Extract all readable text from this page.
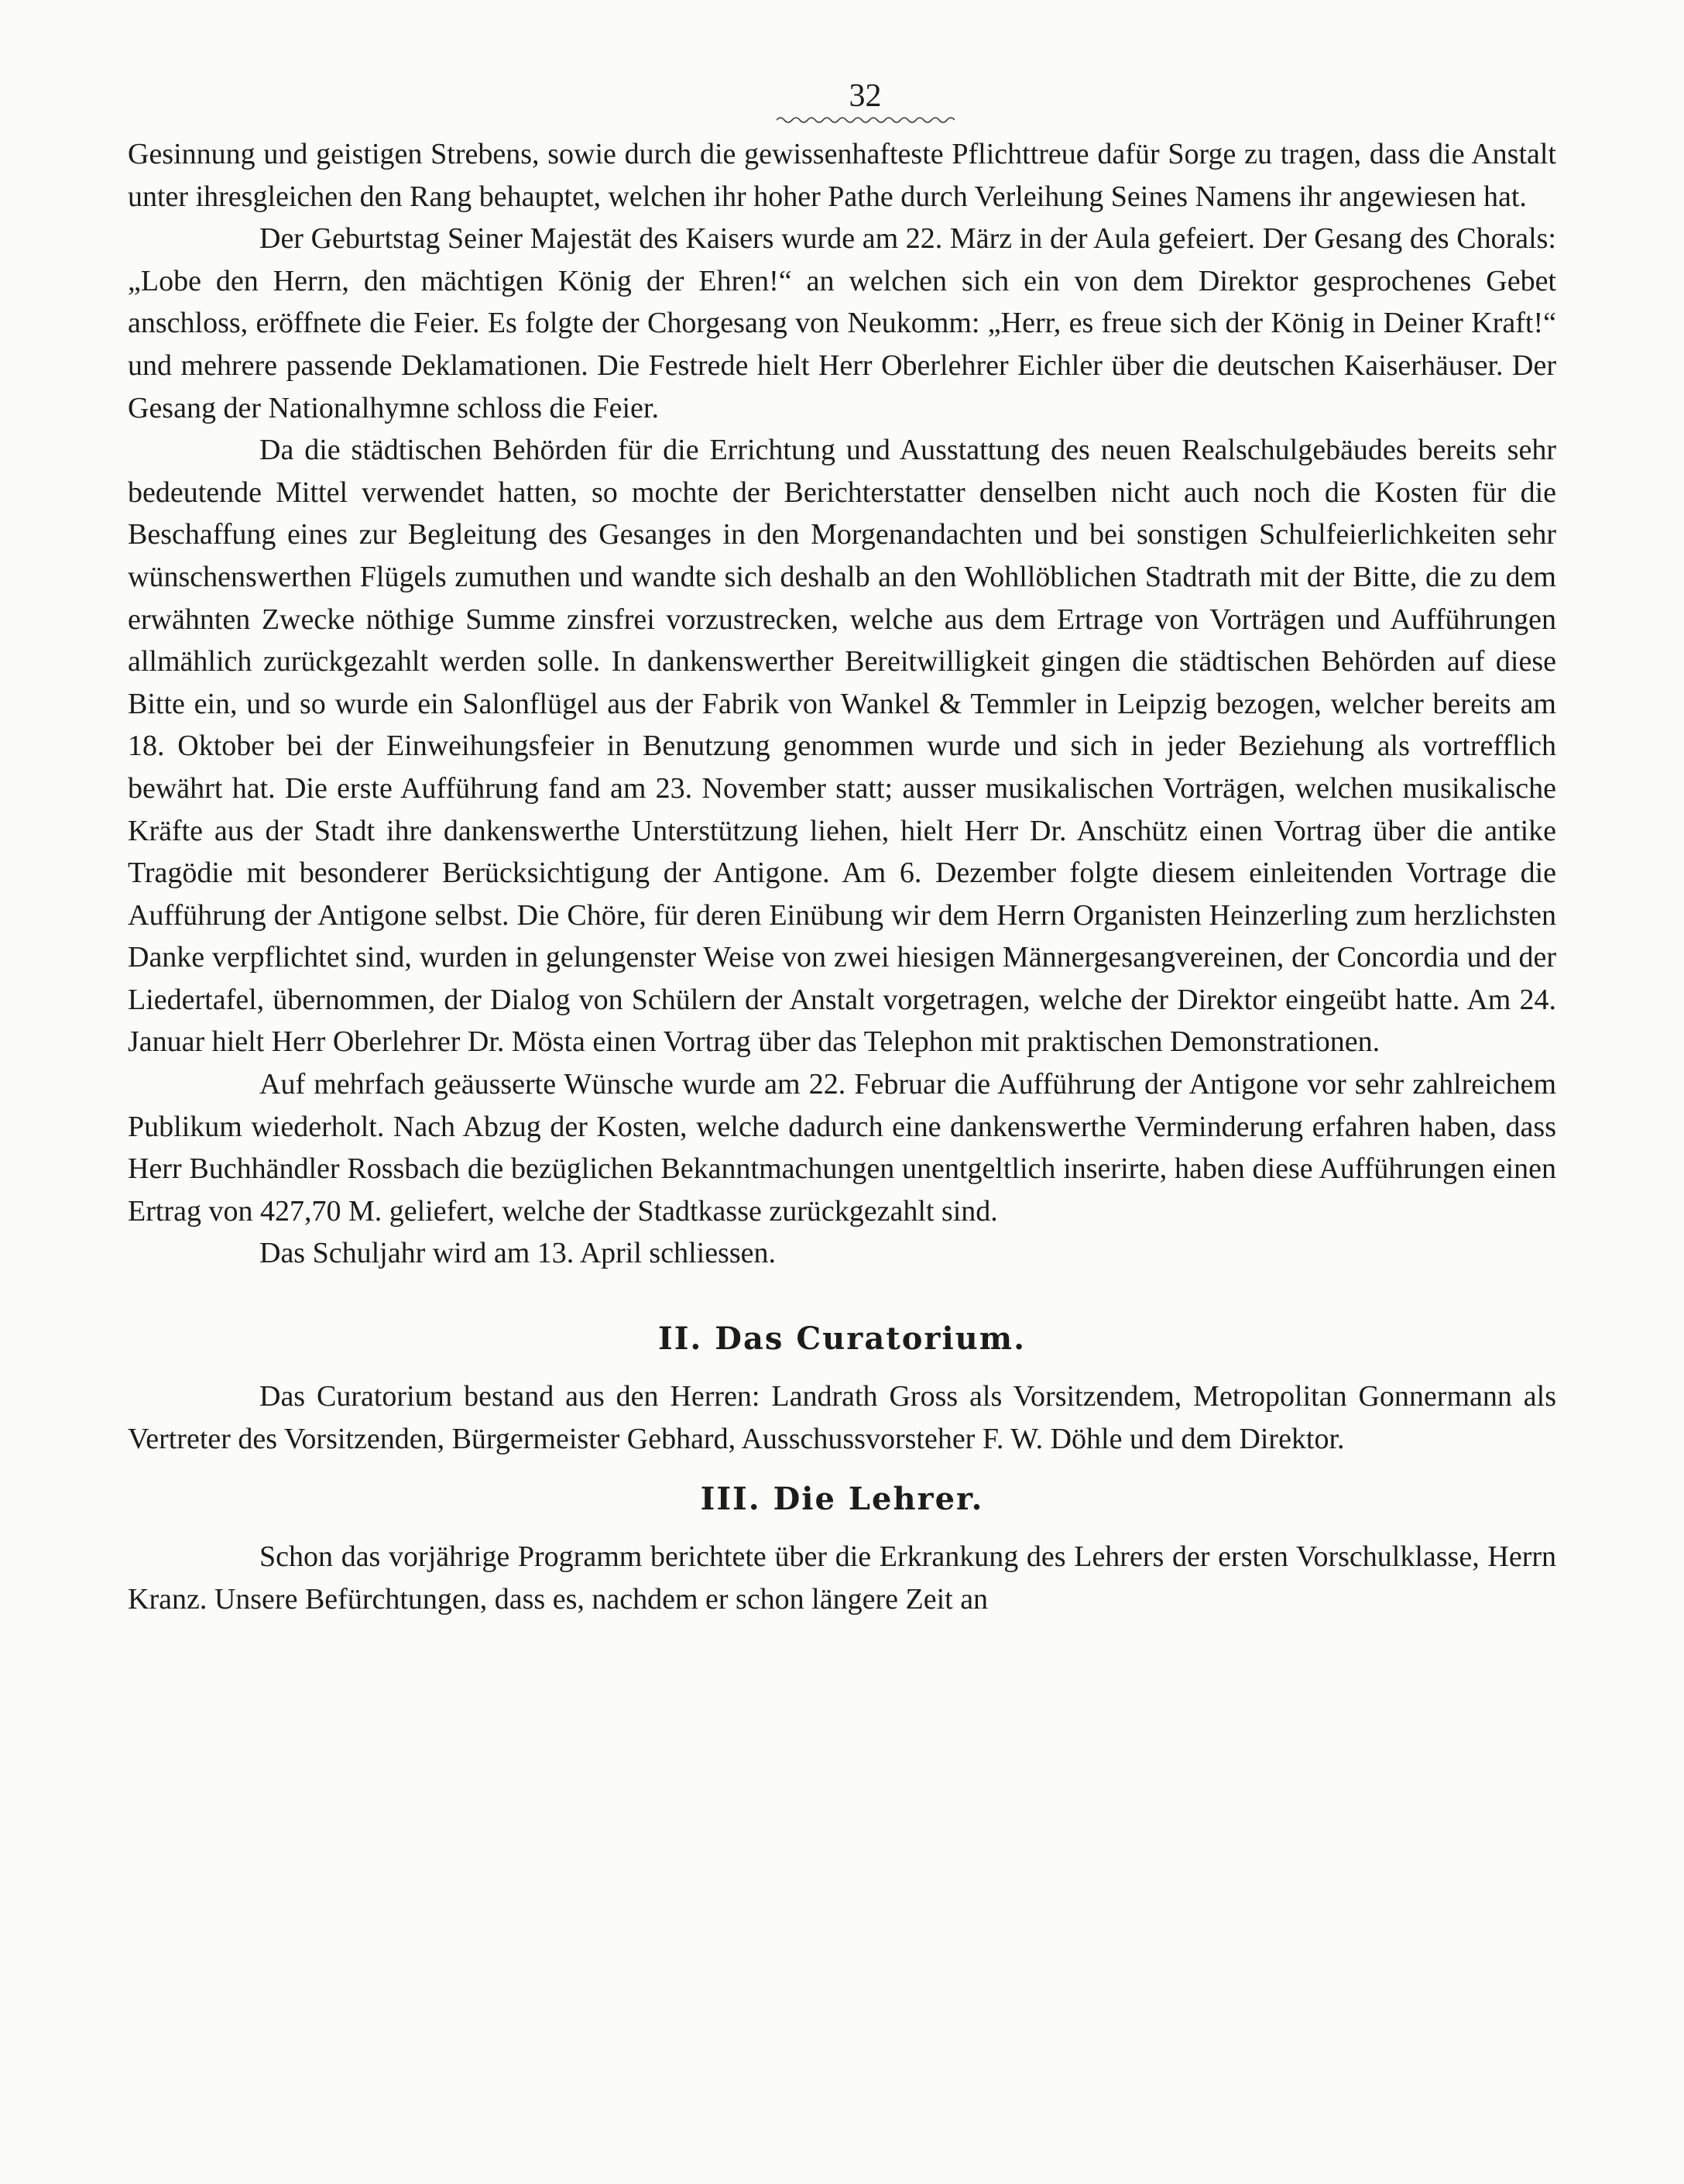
32

Gesinnung und geistigen Strebens, sowie durch die gewissenhafteste Pflichttreue dafür Sorge zu tragen, dass die Anstalt unter ihresgleichen den Rang behauptet, welchen ihr hoher Pathe durch Verleihung Seines Namens ihr angewiesen hat.

Der Geburtstag Seiner Majestät des Kaisers wurde am 22. März in der Aula gefeiert. Der Gesang des Chorals: „Lobe den Herrn, den mächtigen König der Ehren!“ an welchen sich ein von dem Direktor gesprochenes Gebet anschloss, eröffnete die Feier. Es folgte der Chorgesang von Neukomm: „Herr, es freue sich der König in Deiner Kraft!“ und mehrere passende Deklamationen. Die Festrede hielt Herr Oberlehrer Eichler über die deutschen Kaiserhäuser. Der Gesang der Nationalhymne schloss die Feier.

Da die städtischen Behörden für die Errichtung und Ausstattung des neuen Realschulgebäudes bereits sehr bedeutende Mittel verwendet hatten, so mochte der Berichterstatter denselben nicht auch noch die Kosten für die Beschaffung eines zur Begleitung des Gesanges in den Morgenandachten und bei sonstigen Schulfeierlichkeiten sehr wünschenswerthen Flügels zumuthen und wandte sich deshalb an den Wohllöblichen Stadtrath mit der Bitte, die zu dem erwähnten Zwecke nöthige Summe zinsfrei vorzustrecken, welche aus dem Ertrage von Vorträgen und Aufführungen allmählich zurückgezahlt werden solle. In dankenswerther Bereitwilligkeit gingen die städtischen Behörden auf diese Bitte ein, und so wurde ein Salonflügel aus der Fabrik von Wankel & Temmler in Leipzig bezogen, welcher bereits am 18. Oktober bei der Einweihungsfeier in Benutzung genommen wurde und sich in jeder Beziehung als vortrefflich bewährt hat. Die erste Aufführung fand am 23. November statt; ausser musikalischen Vorträgen, welchen musikalische Kräfte aus der Stadt ihre dankenswerthe Unterstützung liehen, hielt Herr Dr. Anschütz einen Vortrag über die antike Tragödie mit besonderer Berücksichtigung der Antigone. Am 6. Dezember folgte diesem einleitenden Vortrage die Aufführung der Antigone selbst. Die Chöre, für deren Einübung wir dem Herrn Organisten Heinzerling zum herzlichsten Danke verpflichtet sind, wurden in gelungenster Weise von zwei hiesigen Männergesangvereinen, der Concordia und der Liedertafel, übernommen, der Dialog von Schülern der Anstalt vorgetragen, welche der Direktor eingeübt hatte. Am 24. Januar hielt Herr Oberlehrer Dr. Mösta einen Vortrag über das Telephon mit praktischen Demonstrationen.

Auf mehrfach geäusserte Wünsche wurde am 22. Februar die Aufführung der Antigone vor sehr zahlreichem Publikum wiederholt. Nach Abzug der Kosten, welche dadurch eine dankenswerthe Verminderung erfahren haben, dass Herr Buchhändler Rossbach die bezüglichen Bekanntmachungen unentgeltlich inserirte, haben diese Aufführungen einen Ertrag von 427,70 M. geliefert, welche der Stadtkasse zurückgezahlt sind.

Das Schuljahr wird am 13. April schliessen.

II. Das Curatorium.

Das Curatorium bestand aus den Herren: Landrath Gross als Vorsitzendem, Metropolitan Gonnermann als Vertreter des Vorsitzenden, Bürgermeister Gebhard, Ausschussvorsteher F. W. Döhle und dem Direktor.

III. Die Lehrer.

Schon das vorjährige Programm berichtete über die Erkrankung des Lehrers der ersten Vorschulklasse, Herrn Kranz. Unsere Befürchtungen, dass es, nachdem er schon längere Zeit an
